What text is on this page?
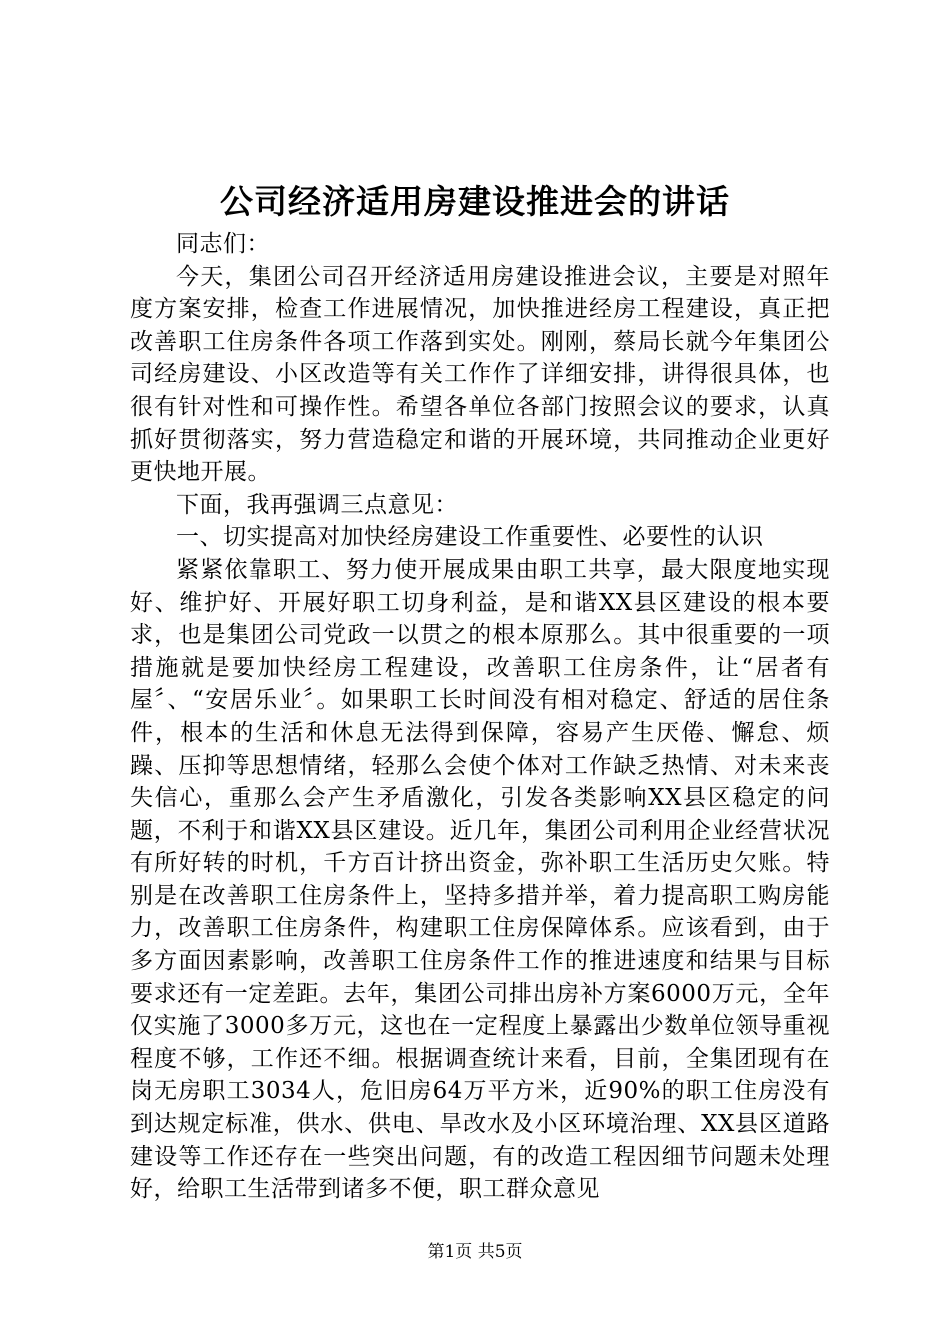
公司经济适用房建设推进会的讲话

同志们：

今天，集团公司召开经济适用房建设推进会议，主要是对照年度方案安排，检查工作进展情况，加快推进经房工程建设，真正把改善职工住房条件各项工作落到实处。刚刚，蔡局长就今年集团公司经房建设、小区改造等有关工作作了详细安排，讲得很具体，也很有针对性和可操作性。希望各单位各部门按照会议的要求，认真抓好贯彻落实，努力营造稳定和谐的开展环境，共同推动企业更好更快地开展。

下面，我再强调三点意见：

一、切实提高对加快经房建设工作重要性、必要性的认识

紧紧依靠职工、努力使开展成果由职工共享，最大限度地实现好、维护好、开展好职工切身利益，是和谐XX县区建设的根本要求，也是集团公司党政一以贯之的根本原那么。其中很重要的一项措施就是要加快经房工程建设，改善职工住房条件，让“居者有屋〞、“安居乐业〞。如果职工长时间没有相对稳定、舒适的居住条件，根本的生活和休息无法得到保障，容易产生厌倦、懈怠、烦躁、压抑等思想情绪，轻那么会使个体对工作缺乏热情、对未来丧失信心，重那么会产生矛盾激化，引发各类影响XX县区稳定的问题，不利于和谐XX县区建设。近几年，集团公司利用企业经营状况有所好转的时机，千方百计挤出资金，弥补职工生活历史欠账。特别是在改善职工住房条件上，坚持多措并举，着力提高职工购房能力，改善职工住房条件，构建职工住房保障体系。应该看到，由于多方面因素影响，改善职工住房条件工作的推进速度和结果与目标要求还有一定差距。去年，集团公司排出房补方案6000万元，全年仅实施了3000多万元，这也在一定程度上暴露出少数单位领导重视程度不够，工作还不细。根据调查统计来看，目前，全集团现有在岗无房职工3034人，危旧房64万平方米，近90%的职工住房没有到达规定标准，供水、供电、旱改水及小区环境治理、XX县区道路建设等工作还存在一些突出问题，有的改造工程因细节问题未处理好，给职工生活带到诸多不便，职工群众意见

第1页 共5页
